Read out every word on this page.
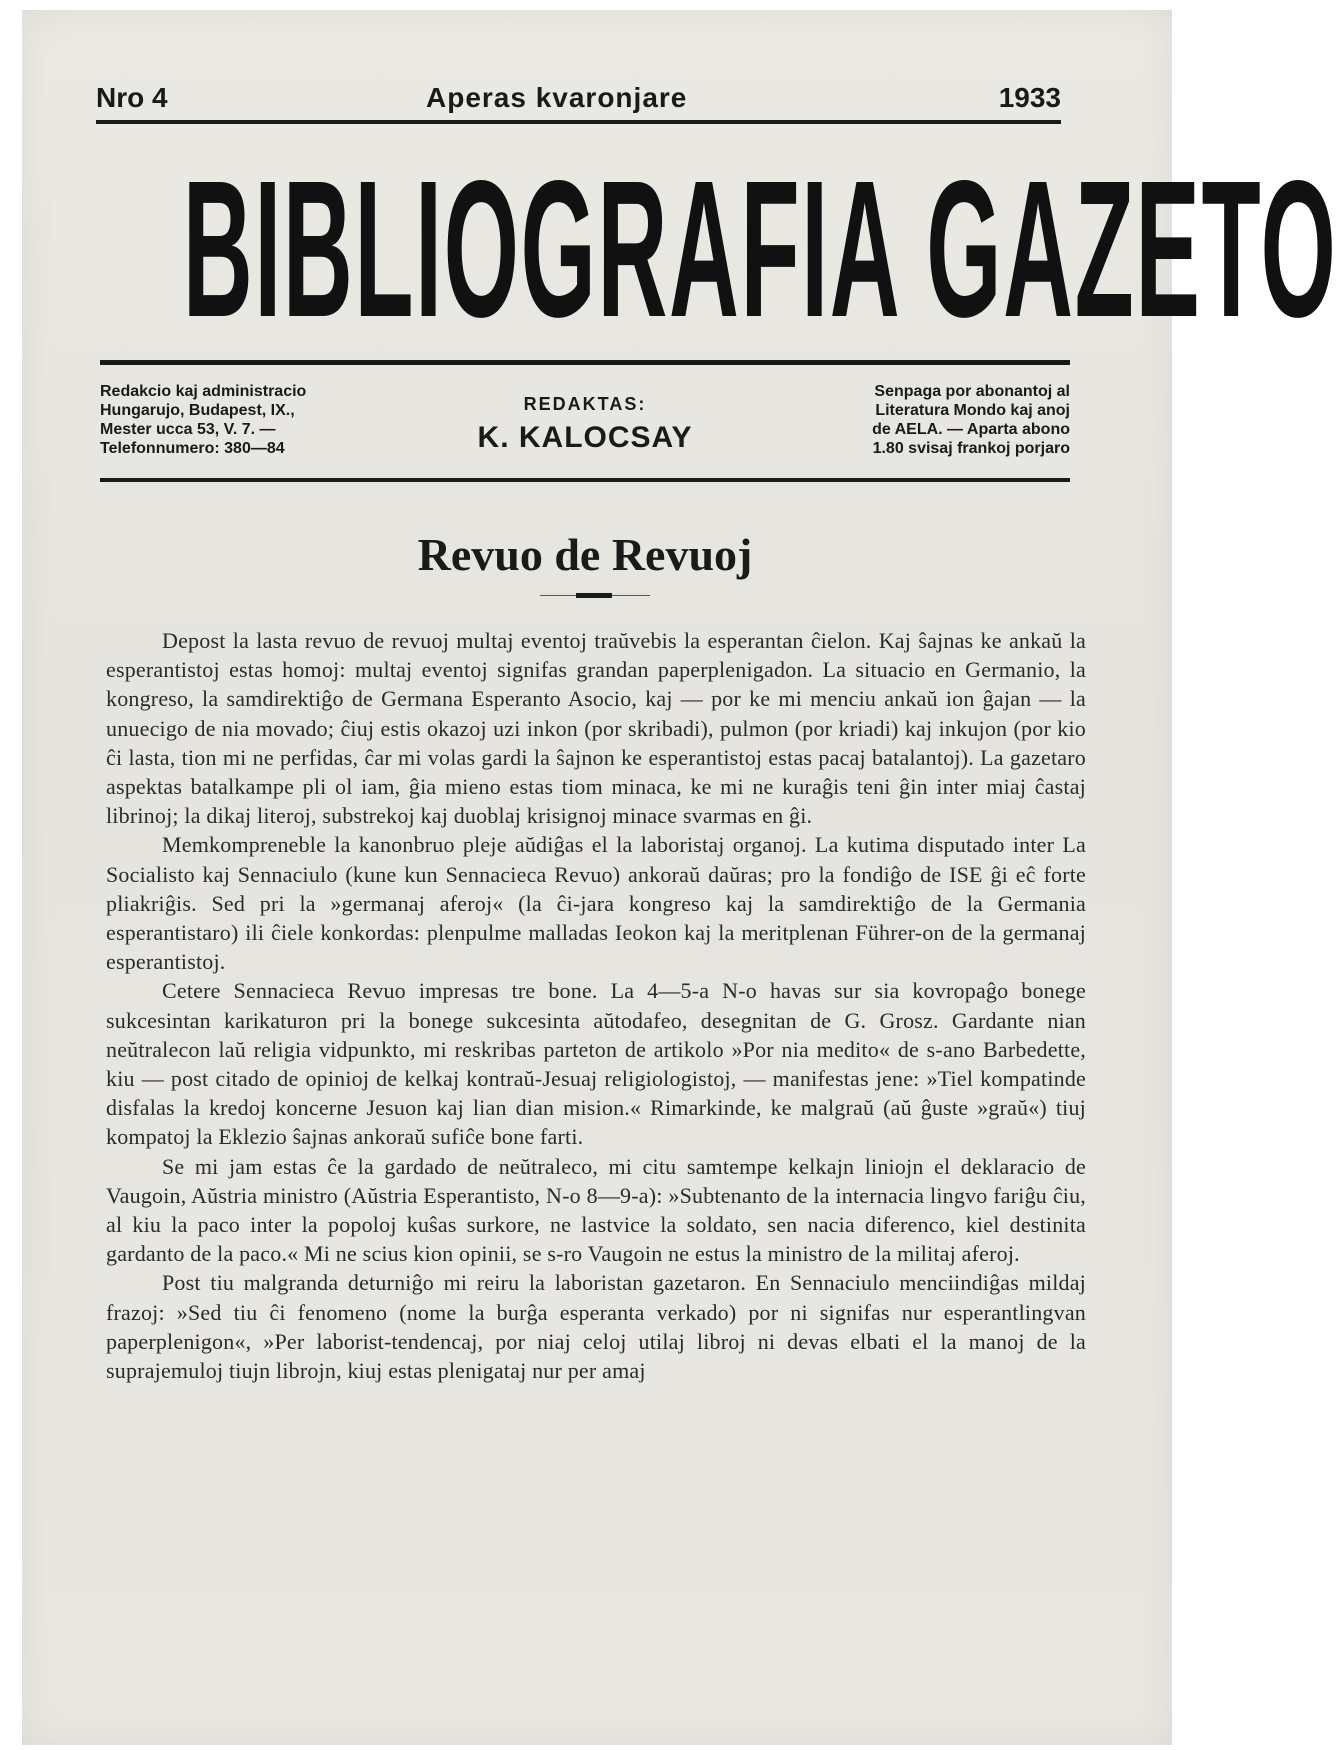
Nro 4	Aperas kvaronjare	1933
BIBLIOGRAFIA GAZETO
Redakcio kaj administracio
Hungarujo, Budapest, IX.,
Mester ucca 53, V. 7. —
Telefonnumero: 380—84
REDAKTAS:
K. KALOCSAY
Senpaga por abonantoj al
Literatura Mondo kaj anoj
de AELA. — Aparta abono
1.80 svisaj frankoj porjaro
Revuo de Revuoj

Depost la lasta revuo de revuoj multaj eventoj traŭvebis la esperantan ĉielon. Kaj ŝajnas ke ankaŭ la esperantistoj estas homoj: multaj eventoj signifas grandan paperplenigadon. La situacio en Germanio, la kongreso, la samdirektiĝo de Germana Esperanto Asocio, kaj — por ke mi menciu ankaŭ ion ĝajan — la unuecigo de nia movado; ĉiuj estis okazoj uzi inkon (por skribadi), pulmon (por kriadi) kaj inkujon (por kio ĉi lasta, tion mi ne perfidas, ĉar mi volas gardi la ŝajnon ke esperantistoj estas pacaj batalantoj). La gazetaro aspektas batalkampe pli ol iam, ĝia mieno estas tiom minaca, ke mi ne kuraĝis teni ĝin inter miaj ĉastaj librinoj; la dikaj literoj, substrekoj kaj duoblaj krisignoj minace svarmas en ĝi.

Memkompreneble la kanonbruo pleje aŭdiĝas el la laboristaj organoj. La kutima disputado inter La Socialisto kaj Sennaciulo (kune kun Sennacieca Revuo) ankoraŭ daŭras; pro la fondiĝo de ISE ĝi eĉ forte pliakriĝis. Sed pri la »germanaj aferoj« (la ĉi-jara kongreso kaj la samdirektiĝo de la Germania esperantistaro) ili ĉiele konkordas: plenpulme malladas Ieokon kaj la meritplenan Führer-on de la germanaj esperantistoj.

Cetere Sennacieca Revuo impresas tre bone. La 4—5-a N-o havas sur sia kovropaĝo bonege sukcesintan karikaturon pri la bonege sukcesinta aŭtodafeo, desegnitan de G. Grosz. Gardante nian neŭtralecon laŭ religia vidpunkto, mi reskribas parteton de artikolo »Por nia medito« de s-ano Barbedette, kiu — post citado de opinioj de kelkaj kontraŭ-Jesuaj religiologistoj, — manifestas jene: »Tiel kompatinde disfalas la kredoj koncerne Jesuon kaj lian dian mision.« Rimarkinde, ke malgraŭ (aŭ ĝuste »graŭ«) tiuj kompatoj la Eklezio ŝajnas ankoraŭ sufiĉe bone farti.

Se mi jam estas ĉe la gardado de neŭtraleco, mi citu samtempe kelkajn liniojn el deklaracio de Vaugoin, Aŭstria ministro (Aŭstria Esperantisto, N-o 8—9-a): »Subtenanto de la internacia lingvo fariĝu ĉiu, al kiu la paco inter la popoloj kuŝas surkore, ne lastvice la soldato, sen nacia diferenco, kiel destinita gardanto de la paco.« Mi ne scius kion opinii, se s-ro Vaugoin ne estus la ministro de la militaj aferoj.

Post tiu malgranda deturniĝo mi reiru la laboristan gazetaron. En Sennaciulo menciindiĝas mildaj frazoj: »Sed tiu ĉi fenomeno (nome la burĝa esperanta verkado) por ni signifas nur esperantlingvan paperplenigon«, »Per laborist-tendencaj, por niaj celoj utilaj libroj ni devas elbati el la manoj de la suprajemuloj tiujn librojn, kiuj estas plenigataj nur per amaj
